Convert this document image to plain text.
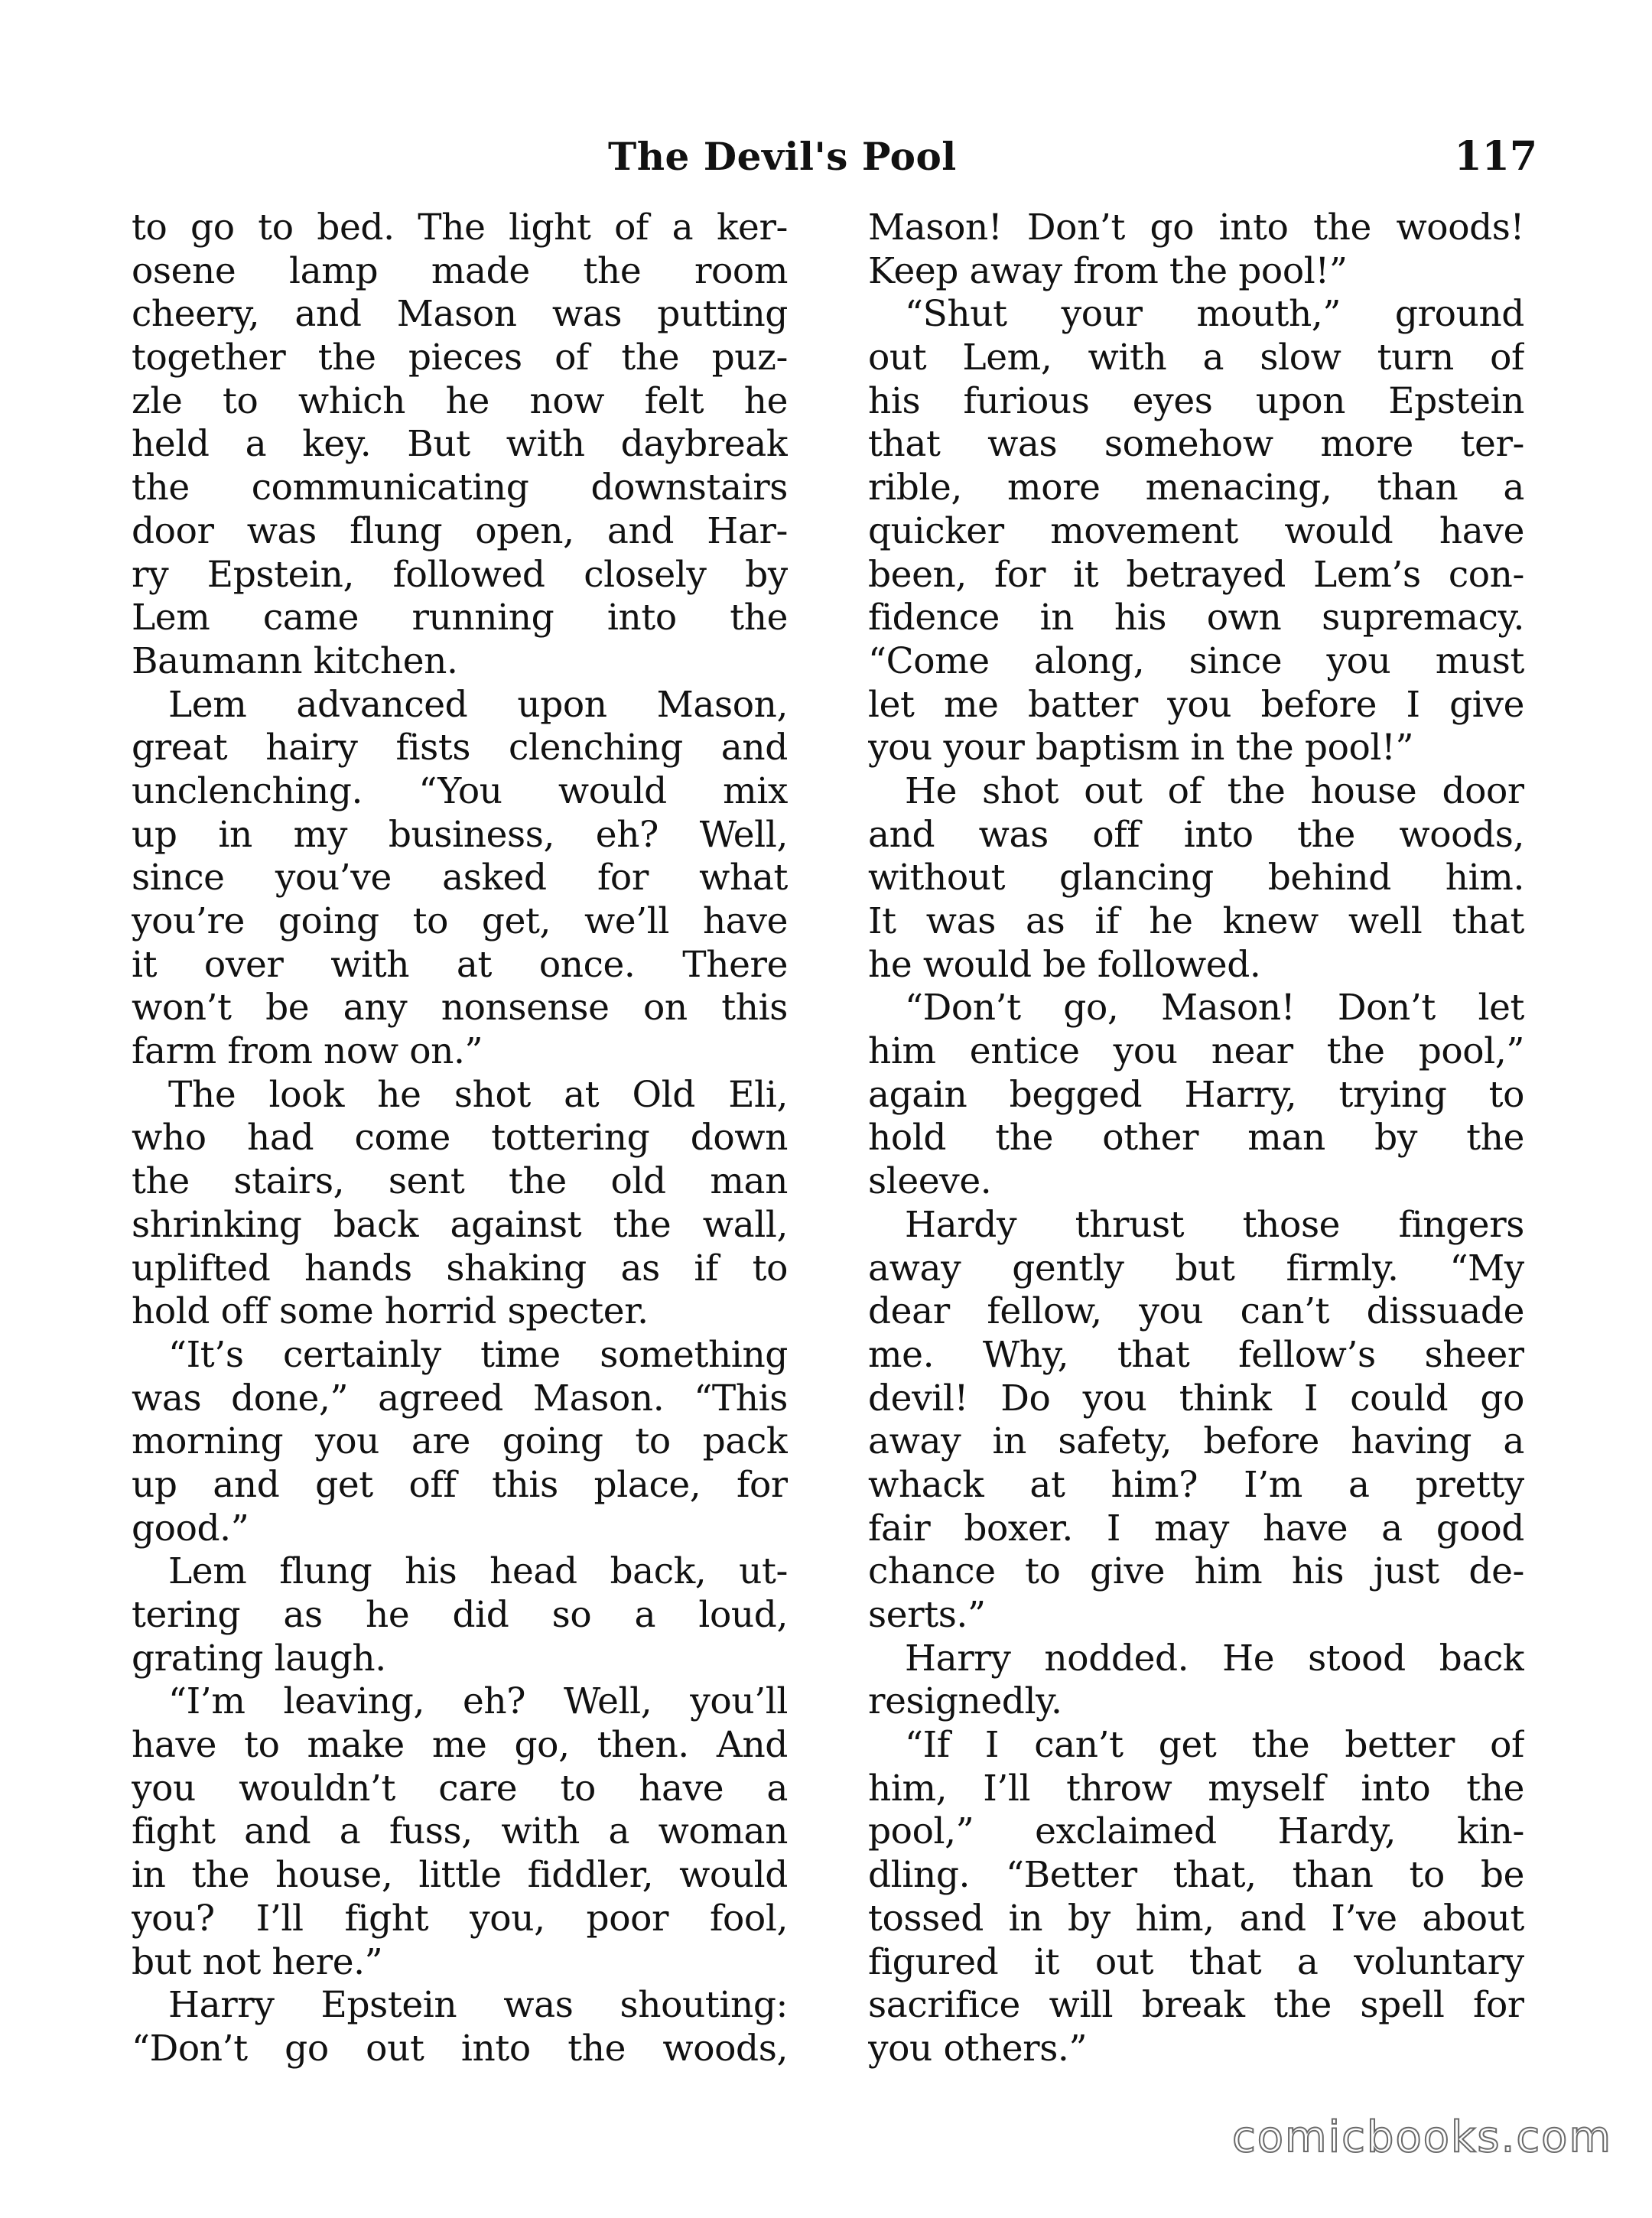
The Devil's Pool	117
to go to bed. The light of a ker-
osene lamp made the room
cheery, and Mason was putting
together the pieces of the puz-
zle to which he now felt he
held a key. But with daybreak
the communicating downstairs
door was flung open, and Har-
ry Epstein, followed closely by
Lem came running into the
Baumann kitchen.
Lem advanced upon Mason,
great hairy fists clenching and
unclenching. “You would mix
up in my business, eh? Well,
since you’ve asked for what
you’re going to get, we’ll have
it over with at once. There
won’t be any nonsense on this
farm from now on.”
The look he shot at Old Eli,
who had come tottering down
the stairs, sent the old man
shrinking back against the wall,
uplifted hands shaking as if to
hold off some horrid specter.
“It’s certainly time something
was done,” agreed Mason. “This
morning you are going to pack
up and get off this place, for
good.”
Lem flung his head back, ut-
tering as he did so a loud,
grating laugh.
“I’m leaving, eh? Well, you’ll
have to make me go, then. And
you wouldn’t care to have a
fight and a fuss, with a woman
in the house, little fiddler, would
you? I’ll fight you, poor fool,
but not here.”
Harry Epstein was shouting:
“Don’t go out into the woods,
Mason! Don’t go into the woods!
Keep away from the pool!”
“Shut your mouth,” ground
out Lem, with a slow turn of
his furious eyes upon Epstein
that was somehow more ter-
rible, more menacing, than a
quicker movement would have
been, for it betrayed Lem’s con-
fidence in his own supremacy.
“Come along, since you must
let me batter you before I give
you your baptism in the pool!”
He shot out of the house door
and was off into the woods,
without glancing behind him.
It was as if he knew well that
he would be followed.
“Don’t go, Mason! Don’t let
him entice you near the pool,”
again begged Harry, trying to
hold the other man by the
sleeve.
Hardy thrust those fingers
away gently but firmly. “My
dear fellow, you can’t dissuade
me. Why, that fellow’s sheer
devil! Do you think I could go
away in safety, before having a
whack at him? I’m a pretty
fair boxer. I may have a good
chance to give him his just de-
serts.”
Harry nodded. He stood back
resignedly.
“If I can’t get the better of
him, I’ll throw myself into the
pool,” exclaimed Hardy, kin-
dling. “Better that, than to be
tossed in by him, and I’ve about
figured it out that a voluntary
sacrifice will break the spell for
you others.”
comicbooks.com
